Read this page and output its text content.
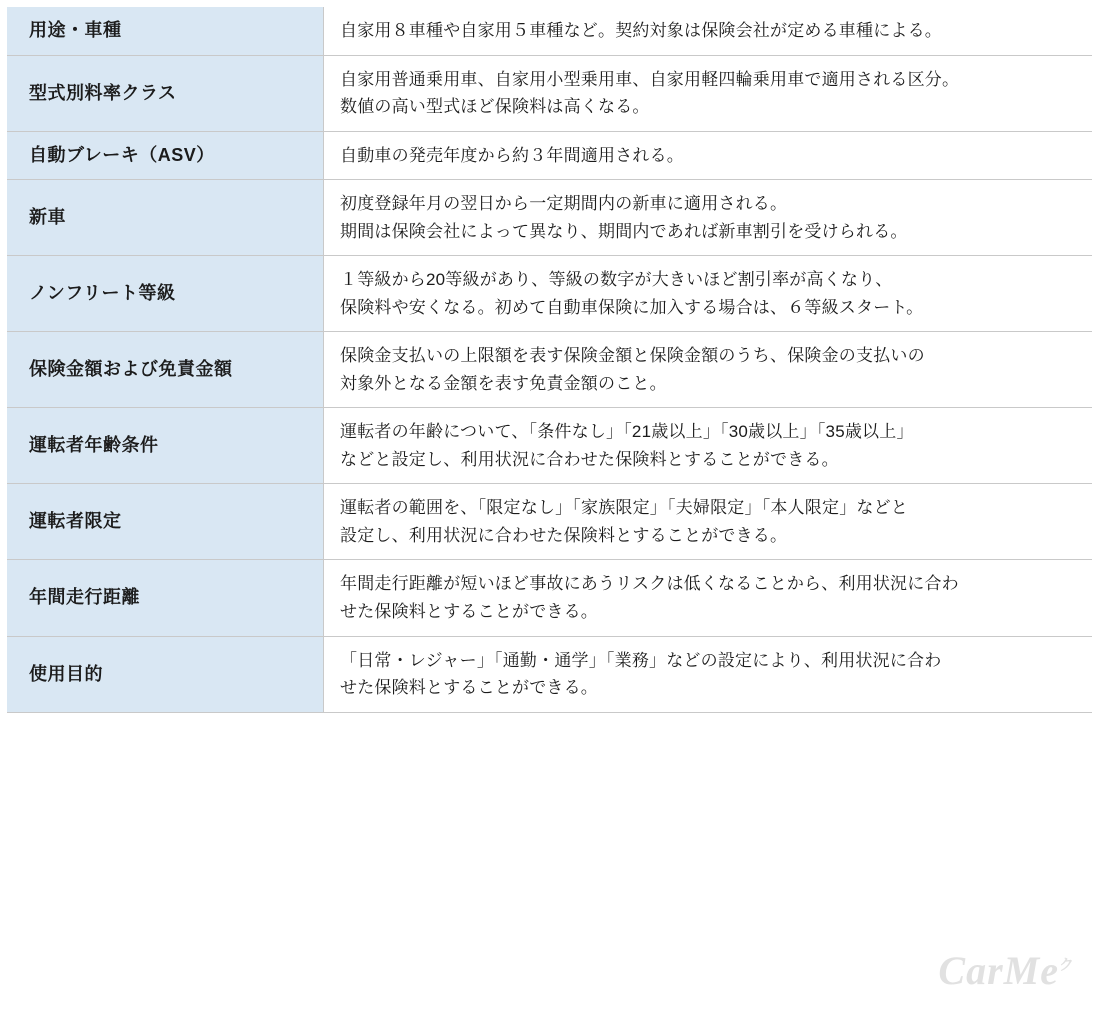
用途・車種	自家用８車種や自家用５車種など。契約対象は保険会社が定める車種による。

型式別料率クラス	自家用普通乗用車、自家用小型乗用車、自家用軽四輪乗用車で適用される区分。
数値の高い型式ほど保険料は高くなる。

自動ブレーキ（ASV）	自動車の発売年度から約３年間適用される。

新車	初度登録年月の翌日から一定期間内の新車に適用される。
期間は保険会社によって異なり、期間内であれば新車割引を受けられる。

ノンフリート等級	１等級から20等級があり、等級の数字が大きいほど割引率が高くなり、
保険料や安くなる。初めて自動車保険に加入する場合は、６等級スタート。

保険金額および免責金額	保険金支払いの上限額を表す保険金額と保険金額のうち、保険金の支払いの
対象外となる金額を表す免責金額のこと。

運転者年齢条件	運転者の年齢について、「条件なし」「21歳以上」「30歳以上」「35歳以上」
などと設定し、利用状況に合わせた保険料とすることができる。

運転者限定	運転者の範囲を、「限定なし」「家族限定」「夫婦限定」「本人限定」などと
設定し、利用状況に合わせた保険料とすることができる。

年間走行距離	年間走行距離が短いほど事故にあうリスクは低くなることから、利用状況に合わ
せた保険料とすることができる。

使用目的	「日常・レジャー」「通勤・通学」「業務」などの設定により、利用状況に合わ
せた保険料とすることができる。
CarMe$^ク$
